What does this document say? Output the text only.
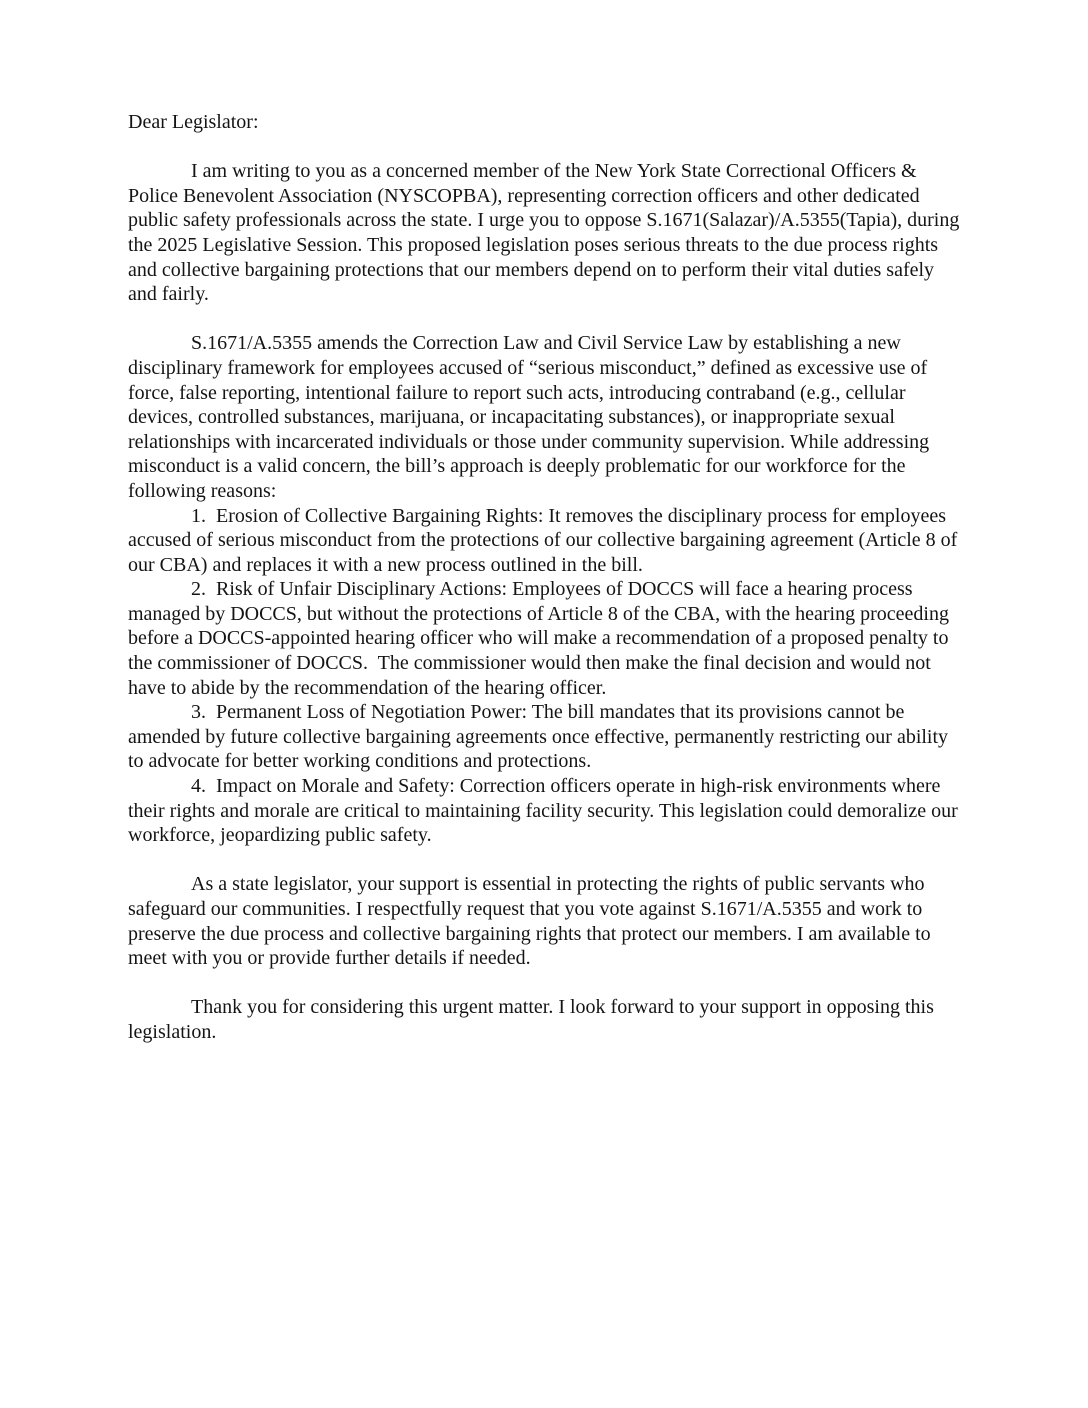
Dear Legislator:

I am writing to you as a concerned member of the New York State Correctional Officers & Police Benevolent Association (NYSCOPBA), representing correction officers and other dedicated public safety professionals across the state. I urge you to oppose S.1671(Salazar)/A.5355(Tapia), during the 2025 Legislative Session. This proposed legislation poses serious threats to the due process rights and collective bargaining protections that our members depend on to perform their vital duties safely and fairly.

S.1671/A.5355 amends the Correction Law and Civil Service Law by establishing a new disciplinary framework for employees accused of “serious misconduct,” defined as excessive use of force, false reporting, intentional failure to report such acts, introducing contraband (e.g., cellular devices, controlled substances, marijuana, or incapacitating substances), or inappropriate sexual relationships with incarcerated individuals or those under community supervision. While addressing misconduct is a valid concern, the bill’s approach is deeply problematic for our workforce for the following reasons:

1.  Erosion of Collective Bargaining Rights: It removes the disciplinary process for employees accused of serious misconduct from the protections of our collective bargaining agreement (Article 8 of our CBA) and replaces it with a new process outlined in the bill.

2.  Risk of Unfair Disciplinary Actions: Employees of DOCCS will face a hearing process managed by DOCCS, but without the protections of Article 8 of the CBA, with the hearing proceeding before a DOCCS-appointed hearing officer who will make a recommendation of a proposed penalty to the commissioner of DOCCS.  The commissioner would then make the final decision and would not have to abide by the recommendation of the hearing officer.

3.  Permanent Loss of Negotiation Power: The bill mandates that its provisions cannot be amended by future collective bargaining agreements once effective, permanently restricting our ability to advocate for better working conditions and protections.

4.  Impact on Morale and Safety: Correction officers operate in high-risk environments where their rights and morale are critical to maintaining facility security. This legislation could demoralize our workforce, jeopardizing public safety.

As a state legislator, your support is essential in protecting the rights of public servants who safeguard our communities. I respectfully request that you vote against S.1671/A.5355 and work to preserve the due process and collective bargaining rights that protect our members. I am available to meet with you or provide further details if needed.

Thank you for considering this urgent matter. I look forward to your support in opposing this legislation.
